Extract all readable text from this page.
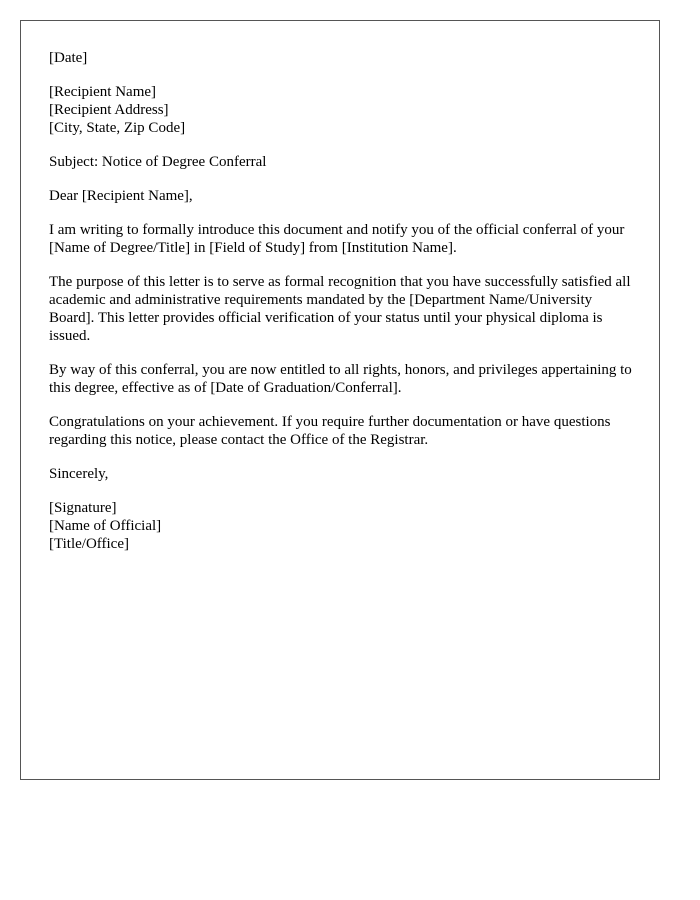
[Date]

[Recipient Name]
[Recipient Address]
[City, State, Zip Code]

Subject: Notice of Degree Conferral

Dear [Recipient Name],

I am writing to formally introduce this document and notify you of the official conferral of your [Name of Degree/Title] in [Field of Study] from [Institution Name].

The purpose of this letter is to serve as formal recognition that you have successfully satisfied all academic and administrative requirements mandated by the [Department Name/University Board]. This letter provides official verification of your status until your physical diploma is issued.

By way of this conferral, you are now entitled to all rights, honors, and privileges appertaining to this degree, effective as of [Date of Graduation/Conferral].

Congratulations on your achievement. If you require further documentation or have questions regarding this notice, please contact the Office of the Registrar.

Sincerely,

[Signature]
[Name of Official]
[Title/Office]
